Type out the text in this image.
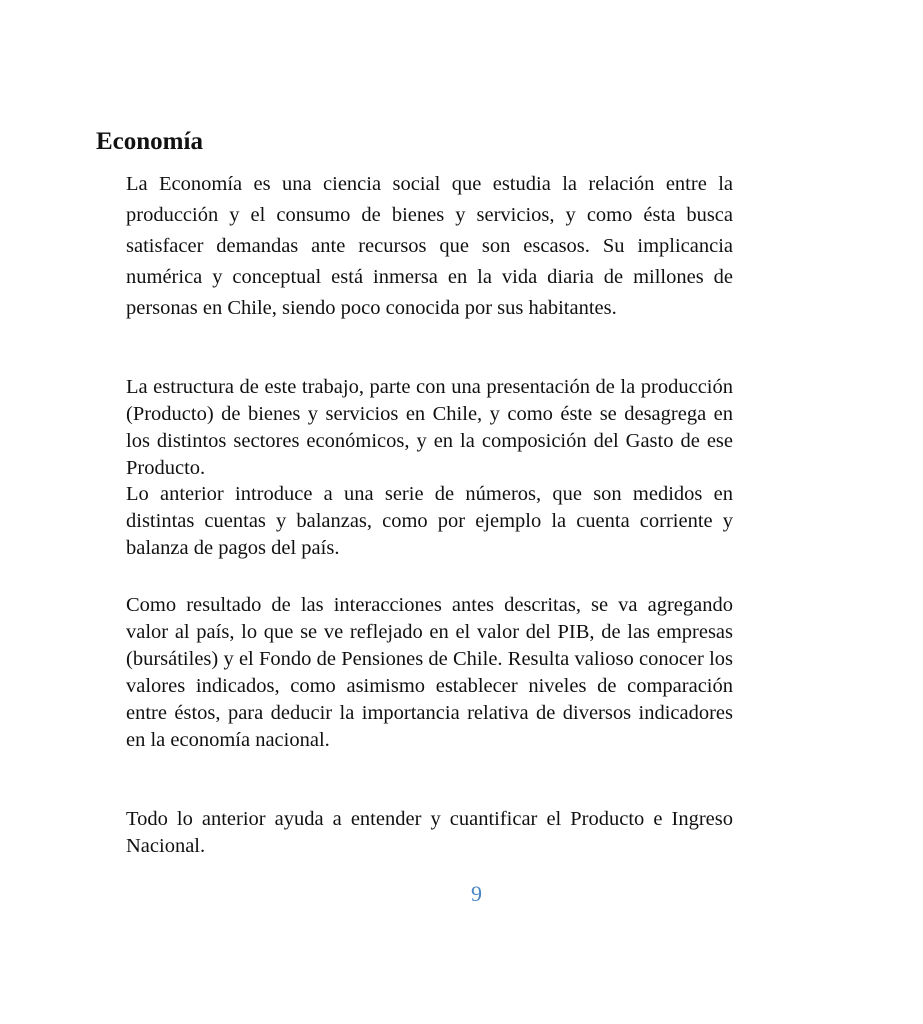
Economía

La Economía es una ciencia social que estudia la relación entre la producción y el consumo de bienes y servicios, y como ésta busca satisfacer demandas ante recursos que son escasos. Su implicancia numérica y conceptual está inmersa en la vida diaria de millones de personas en Chile, siendo poco conocida por sus habitantes.

La estructura de este trabajo, parte con una presentación de la producción (Producto) de bienes y servicios en Chile, y como éste se desagrega en los distintos sectores económicos, y en la composición del Gasto de ese Producto.

Lo anterior introduce a una serie de números, que son medidos en distintas cuentas y balanzas, como por ejemplo la cuenta corriente y balanza de pagos del país.

Como resultado de las interacciones antes descritas, se va agregando valor al país, lo que se ve reflejado en el valor del PIB, de las empresas (bursátiles) y el Fondo de Pensiones de Chile. Resulta valioso conocer los valores indicados, como asimismo establecer niveles de comparación entre éstos, para deducir la importancia relativa de diversos indicadores en la economía nacional.

Todo lo anterior ayuda a entender y cuantificar el Producto e Ingreso Nacional.

9
